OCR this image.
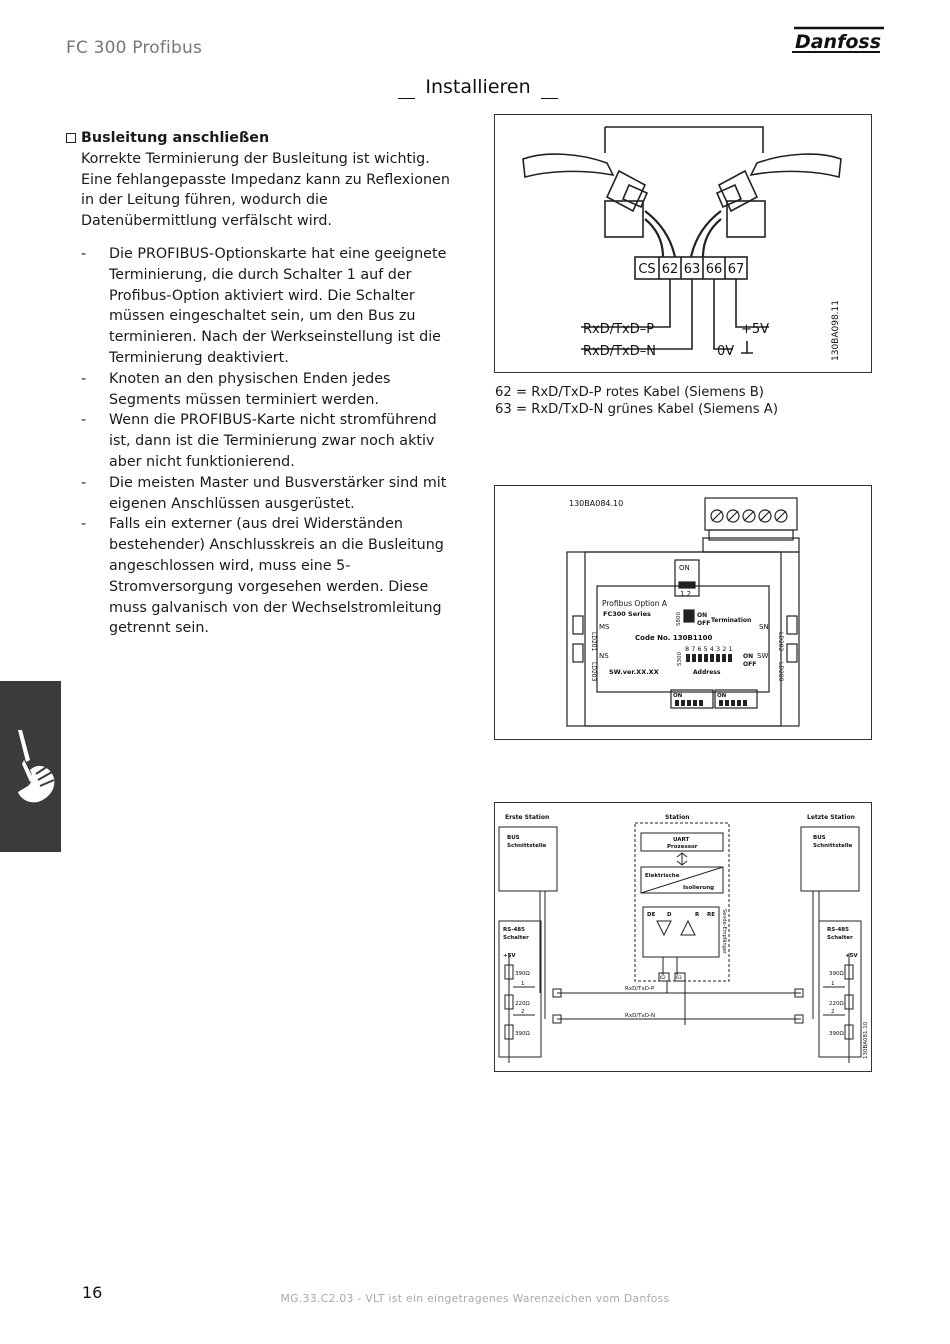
FC 300 Profibus	Danfoss
Installieren
Busleitung anschließen
Korrekte Terminierung der Busleitung ist wichtig. Eine fehlangepasste Impedanz kann zu Reflexionen in der Leitung führen, wodurch die Datenübermittlung verfälscht wird.
- Die PROFIBUS-Optionskarte hat eine geeignete Terminierung, die durch Schalter 1 auf der Profibus-Option aktiviert wird. Die Schalter müssen eingeschaltet sein, um den Bus zu terminieren. Nach der Werkseinstellung ist die Terminierung deaktiviert.
- Knoten an den physischen Enden jedes Segments müssen terminiert werden.
- Wenn die PROFIBUS-Karte nicht stromführend ist, dann ist die Terminierung zwar noch aktiv aber nicht funktionierend.
- Die meisten Master und Busverstärker sind mit eigenen Anschlüssen ausgerüstet.
- Falls ein externer (aus drei Widerständen bestehender) Anschlusskreis an die Busleitung angeschlossen wird, muss eine 5-Stromversorgung vorgesehen werden. Diese muss galvanisch von der Wechselstromleitung getrennt sein.
CS 62 63 66 67
RxD/TxD–P
RxD/TxD–N
+5V
0V	130BA098.11
62 = RxD/TxD-P rotes Kabel (Siemens B)
63 = RxD/TxD-N grünes Kabel (Siemens A)
130BA084.10
ON
1 2
Profibus Option A
FC300 Series	S800	ON
OFF Termination
MS
NS
SN
SW
Code No. 130B1100
8 7 6 5 4 3 2 1
S300	ON
OFF
Address
SW.ver.XX.XX
LD201
LD203
LD202
LD200
ON	ON
Erste Station	Station	Letzte Station
BUS
Schnittstelle
BUS
Schnittstelle
UART
Prozessor
Elektrische
Isolierung
DE D	R RE Sende-Empfänger
RS-485
Schalter
RS-485
Schalter
+5V	+5V
390Ω
220Ω
390Ω
390Ω
220Ω
390Ω
1
2
1
2
RxD/TxD-P
RxD/TxD-N
62 63
130BA081.10
16	MG.33.C2.03 - VLT ist ein eingetragenes Warenzeichen vom Danfoss
